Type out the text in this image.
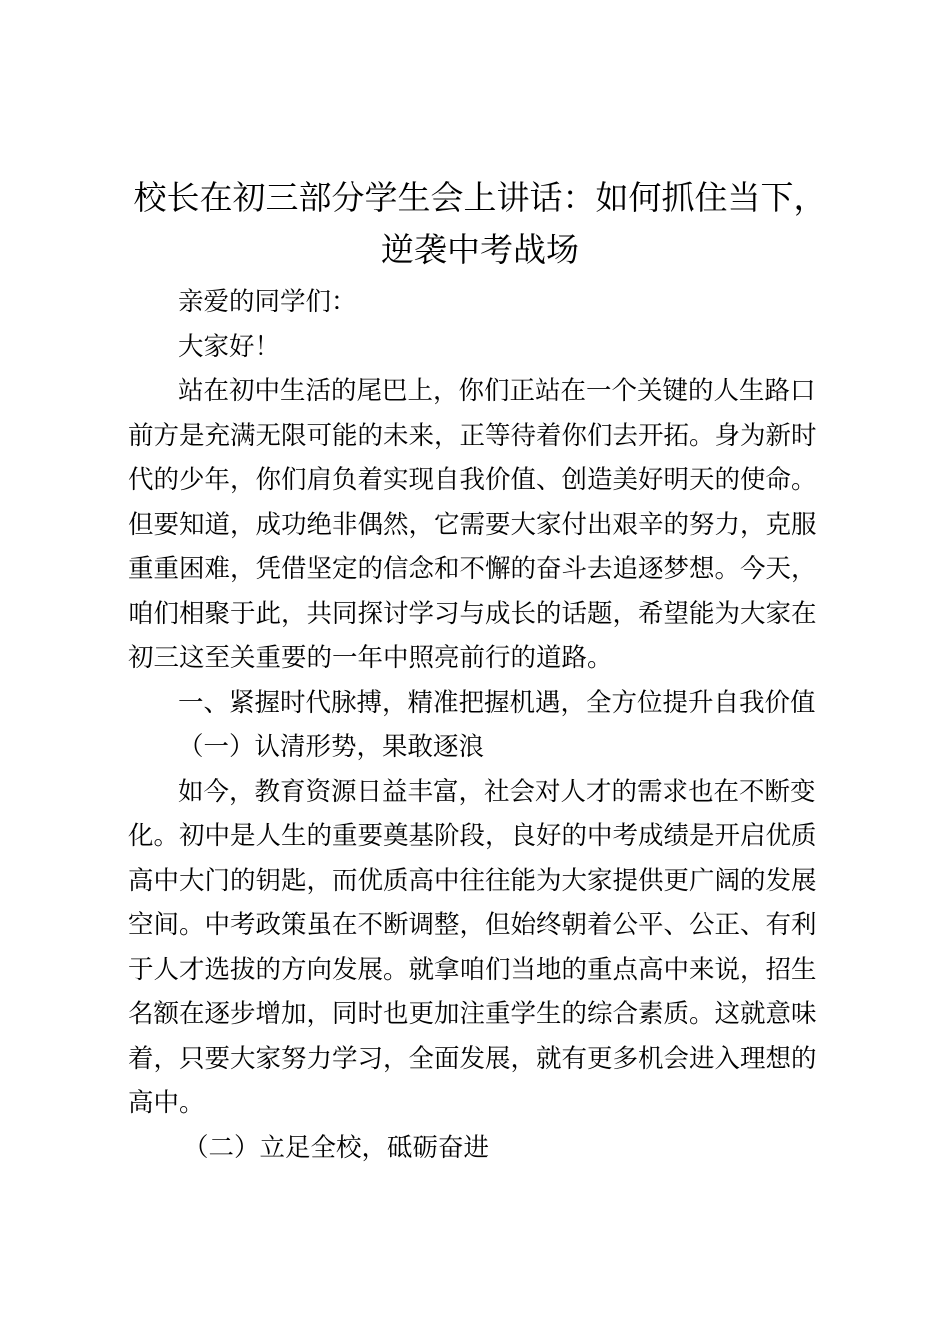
校长在初三部分学生会上讲话：如何抓住当下，
逆袭中考战场
亲爱的同学们：
大家好！
站在初中生活的尾巴上，你们正站在一个关键的人生路口
前方是充满无限可能的未来，正等待着你们去开拓。身为新时
代的少年，你们肩负着实现自我价值、创造美好明天的使命。
但要知道，成功绝非偶然，它需要大家付出艰辛的努力，克服
重重困难，凭借坚定的信念和不懈的奋斗去追逐梦想。今天，
咱们相聚于此，共同探讨学习与成长的话题，希望能为大家在
初三这至关重要的一年中照亮前行的道路。
一、紧握时代脉搏，精准把握机遇，全方位提升自我价值
（一）认清形势，果敢逐浪
如今，教育资源日益丰富，社会对人才的需求也在不断变
化。初中是人生的重要奠基阶段，良好的中考成绩是开启优质
高中大门的钥匙，而优质高中往往能为大家提供更广阔的发展
空间。中考政策虽在不断调整，但始终朝着公平、公正、有利
于人才选拔的方向发展。就拿咱们当地的重点高中来说，招生
名额在逐步增加，同时也更加注重学生的综合素质。这就意味
着，只要大家努力学习，全面发展，就有更多机会进入理想的
高中。
（二）立足全校，砥砺奋进
